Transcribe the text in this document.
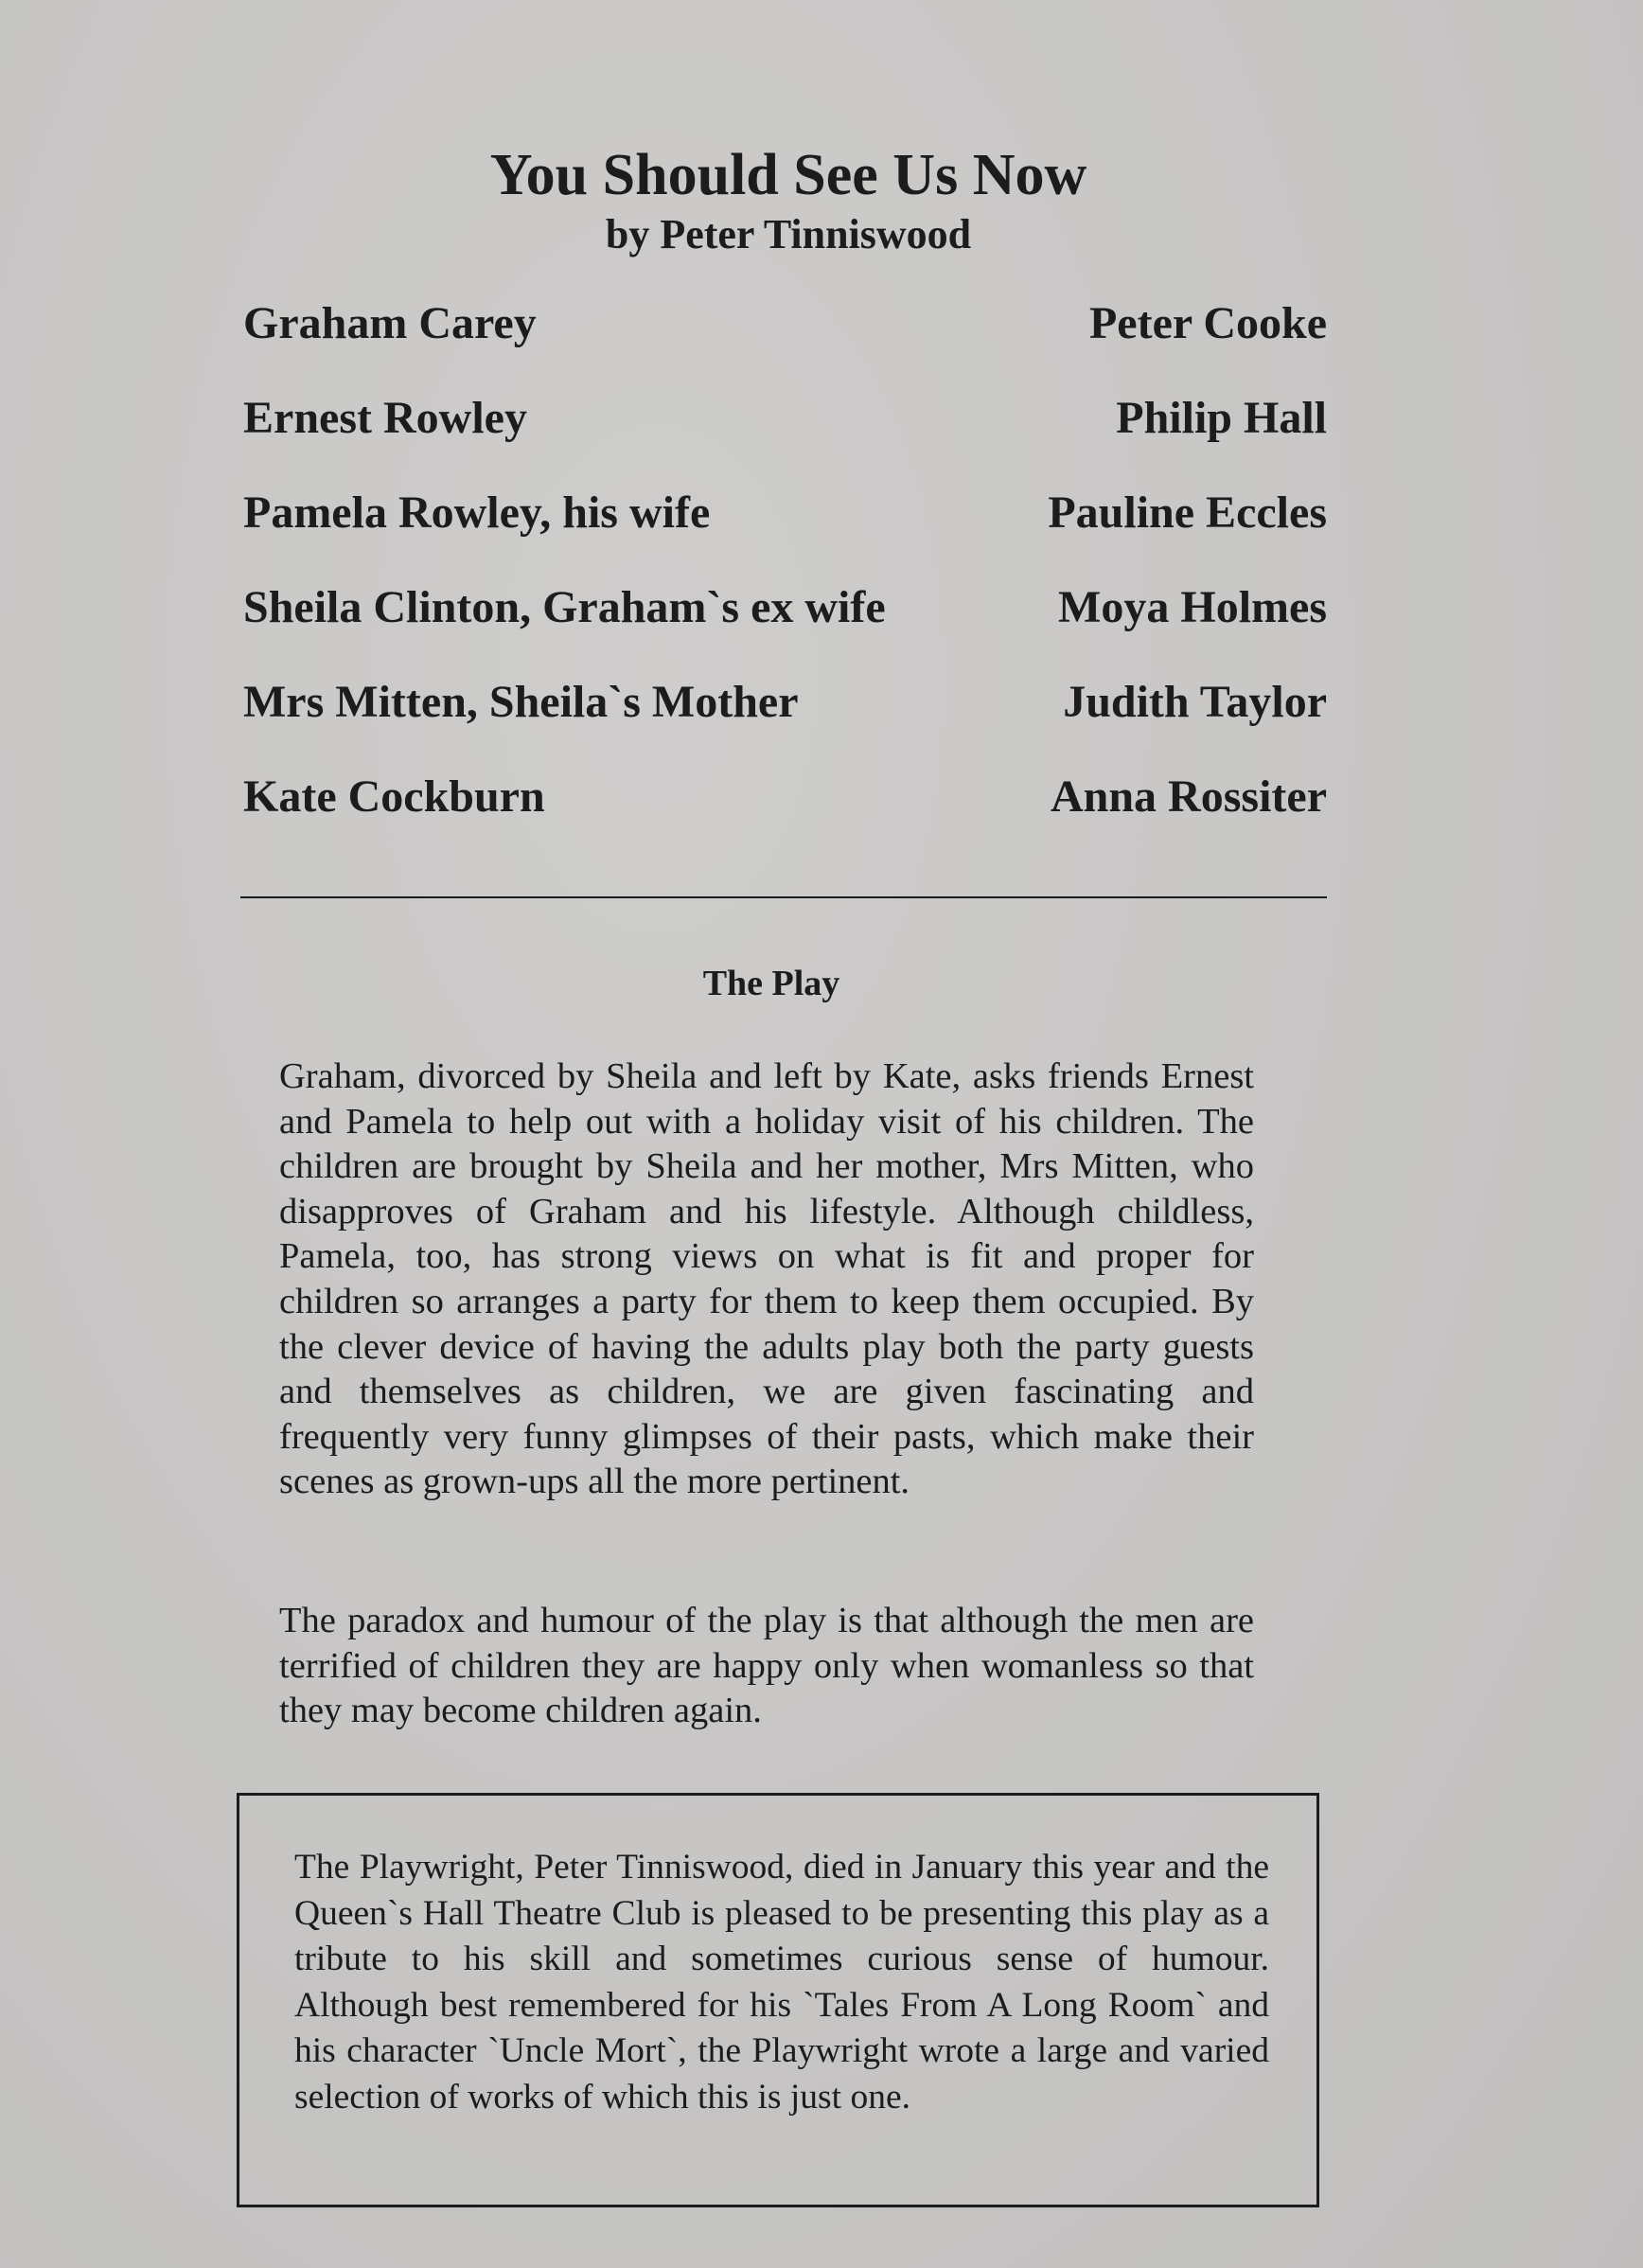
You Should See Us Now
by Peter Tinniswood
Graham Carey	Peter Cooke
Ernest Rowley	Philip Hall
Pamela Rowley, his wife	Pauline Eccles
Sheila Clinton, Graham`s ex wife	Moya Holmes
Mrs Mitten, Sheila`s Mother	Judith Taylor
Kate Cockburn	Anna Rossiter
The Play

Graham, divorced by Sheila and left by Kate, asks friends Ernest and Pamela to help out with a holiday visit of his children. The children are brought by Sheila and her mother, Mrs Mitten, who disapproves of Graham and his lifestyle. Although childless, Pamela, too, has strong views on what is fit and proper for children so arranges a party for them to keep them occupied. By the clever device of having the adults play both the party guests and themselves as children, we are given fascinating and frequently very funny glimpses of their pasts, which make their scenes as grown-ups all the more pertinent.

The paradox and humour of the play is that although the men are terrified of children they are happy only when womanless so that they may become children again.

The Playwright, Peter Tinniswood, died in January this year and the Queen`s Hall Theatre Club is pleased to be presenting this play as a tribute to his skill and sometimes curious sense of humour. Although best remembered for his `Tales From A Long Room` and his character `Uncle Mort`, the Playwright wrote a large and varied selection of works of which this is just one.
